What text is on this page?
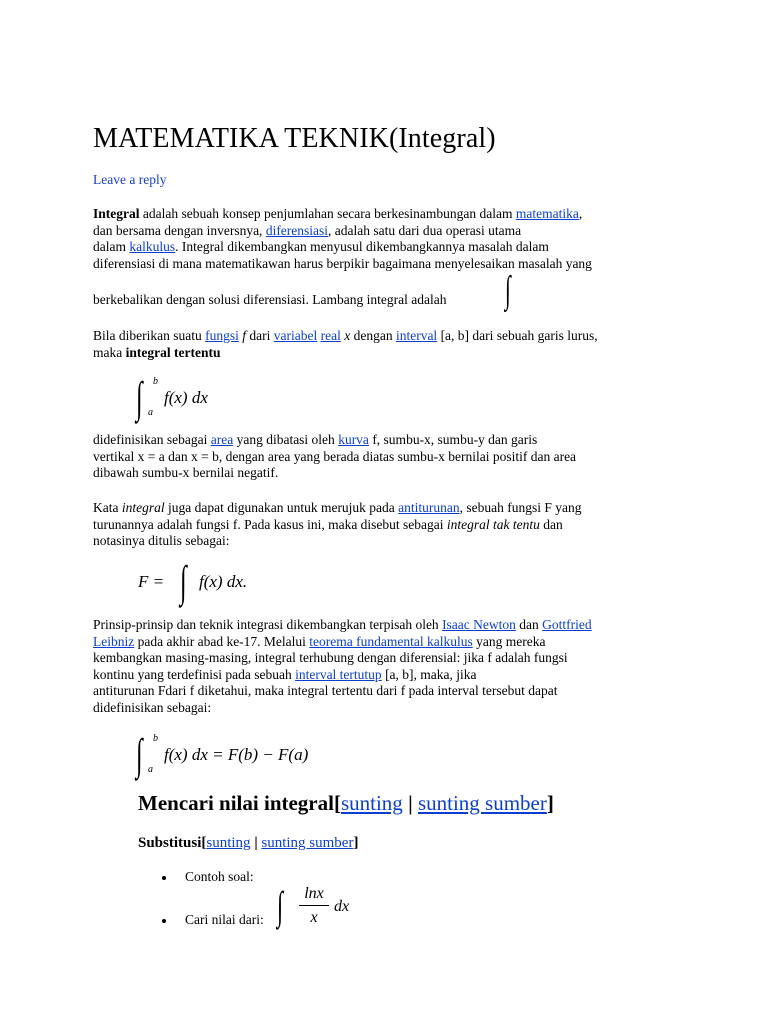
MATEMATIKA TEKNIK(Integral)
Leave a reply

Integral adalah sebuah konsep penjumlahan secara berkesinambungan dalam matematika,

dan bersama dengan inversnya, diferensiasi, adalah satu dari dua operasi utama

dalam kalkulus. Integral dikembangkan menyusul dikembangkannya masalah dalam

diferensiasi di mana matematikawan harus berpikir bagaimana menyelesaikan masalah yang

berkebalikan dengan solusi diferensiasi. Lambang integral adalah	∫

Bila diberikan suatu fungsi f dari variabel real x dengan interval [a, b] dari sebuah garis lurus,

maka integral tertentu

∫ b
a
f(x) dx

didefinisikan sebagai area yang dibatasi oleh kurva f, sumbu-x, sumbu-y dan garis

vertikal x = a dan x = b, dengan area yang berada diatas sumbu-x bernilai positif dan area

dibawah sumbu-x bernilai negatif.

Kata integral juga dapat digunakan untuk merujuk pada antiturunan, sebuah fungsi F yang

turunannya adalah fungsi f. Pada kasus ini, maka disebut sebagai integral tak tentu dan

notasinya ditulis sebagai:

F = ∫ f(x) dx.

Prinsip-prinsip dan teknik integrasi dikembangkan terpisah oleh Isaac Newton dan Gottfried

Leibniz pada akhir abad ke-17. Melalui teorema fundamental kalkulus yang mereka

kembangkan masing-masing, integral terhubung dengan diferensial: jika f adalah fungsi

kontinu yang terdefinisi pada sebuah interval tertutup [a, b], maka, jika

antiturunan Fdari f diketahui, maka integral tertentu dari f pada interval tersebut dapat

didefinisikan sebagai:

∫ b
a
f(x) dx = F(b) − F(a)
Mencari nilai integral[sunting | sunting sumber]
Substitusi[sunting | sunting sumber]
Contoh soal:
Cari nilai dari: ∫	lnx
x
dx
